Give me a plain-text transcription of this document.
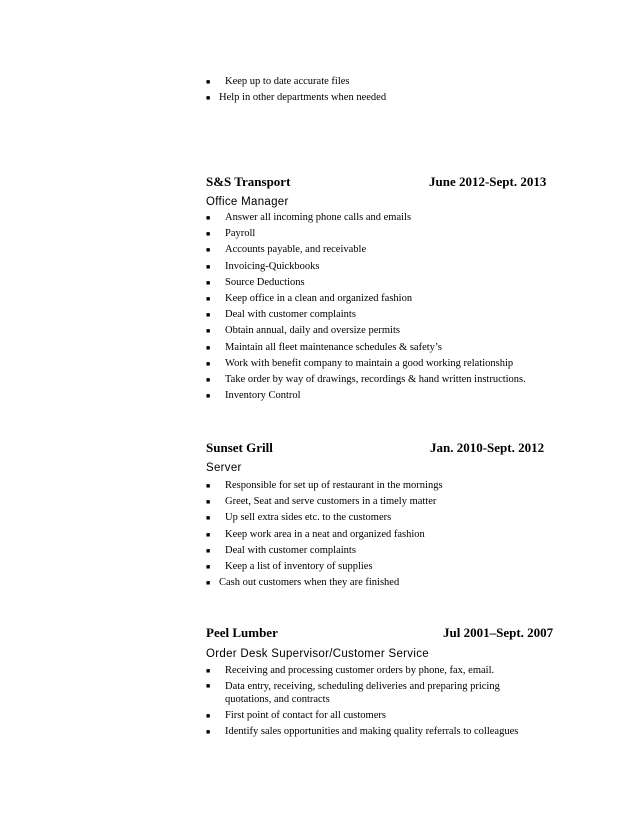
■	Keep up to date accurate files
■ Help in other departments when needed
S&S Transport	June 2012-Sept. 2013
Office Manager
■	Answer all incoming phone calls and emails
■	Payroll
■	Accounts payable, and receivable
■	Invoicing-Quickbooks
■	Source Deductions
■	Keep office in a clean and organized fashion
■	Deal with customer complaints
■	Obtain annual, daily and oversize permits
■	Maintain all fleet maintenance schedules & safety’s
■	Work with benefit company to maintain a good working relationship
■	Take order by way of drawings, recordings & hand written instructions.
■	Inventory Control
Sunset Grill	Jan. 2010-Sept. 2012
Server
■	Responsible for set up of restaurant in the mornings
■	Greet, Seat and serve customers in a timely matter
■	Up sell extra sides etc. to the customers
■	Keep work area in a neat and organized fashion
■	Deal with customer complaints
■	Keep a list of inventory of supplies
■ Cash out customers when they are finished
Peel Lumber	Jul 2001–Sept. 2007
Order Desk Supervisor/Customer Service
■	Receiving and processing customer orders by phone, fax, email.
■	Data entry, receiving, scheduling deliveries and preparing pricing quotations, and contracts
■	First point of contact for all customers
■	Identify sales opportunities and making quality referrals to colleagues
